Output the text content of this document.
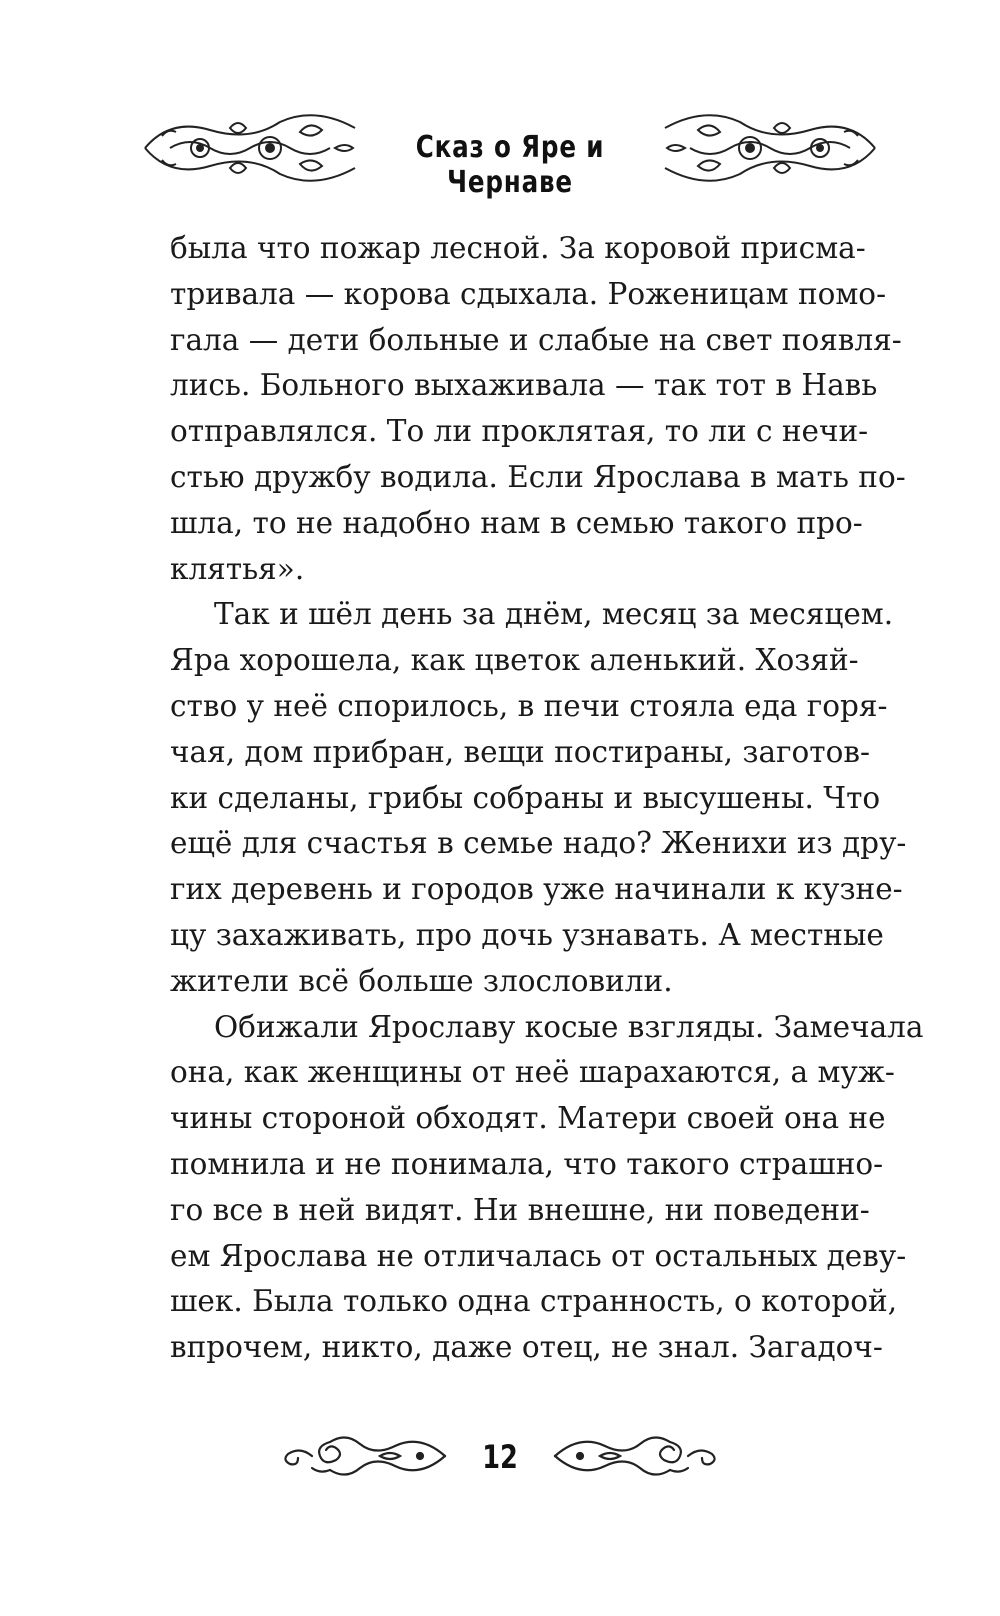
Сказ о Яре и Чернаве
была что пожар лесной. За коровой присма-
тривала — корова сдыхала. Роженицам помо-
гала — дети больные и слабые на свет появля-
лись. Больного выхаживала — так тот в Навь
отправлялся. То ли проклятая, то ли с нечи-
стью дружбу водила. Если Ярослава в мать по-
шла, то не надобно нам в семью такого про-
клятья».
Так и шёл день за днём, месяц за месяцем.
Яра хорошела, как цветок аленький. Хозяй-
ство у неё спорилось, в печи стояла еда горя-
чая, дом прибран, вещи постираны, заготов-
ки сделаны, грибы собраны и высушены. Что
ещё для счастья в семье надо? Женихи из дру-
гих деревень и городов уже начинали к кузне-
цу захаживать, про дочь узнавать. А местные
жители всё больше злословили.
Обижали Ярославу косые взгляды. Замечала
она, как женщины от неё шарахаются, а муж-
чины стороной обходят. Матери своей она не
помнила и не понимала, что такого страшно-
го все в ней видят. Ни внешне, ни поведени-
ем Ярослава не отличалась от остальных деву-
шек. Была только одна странность, о которой,
впрочем, никто, даже отец, не знал. Загадоч-
12
